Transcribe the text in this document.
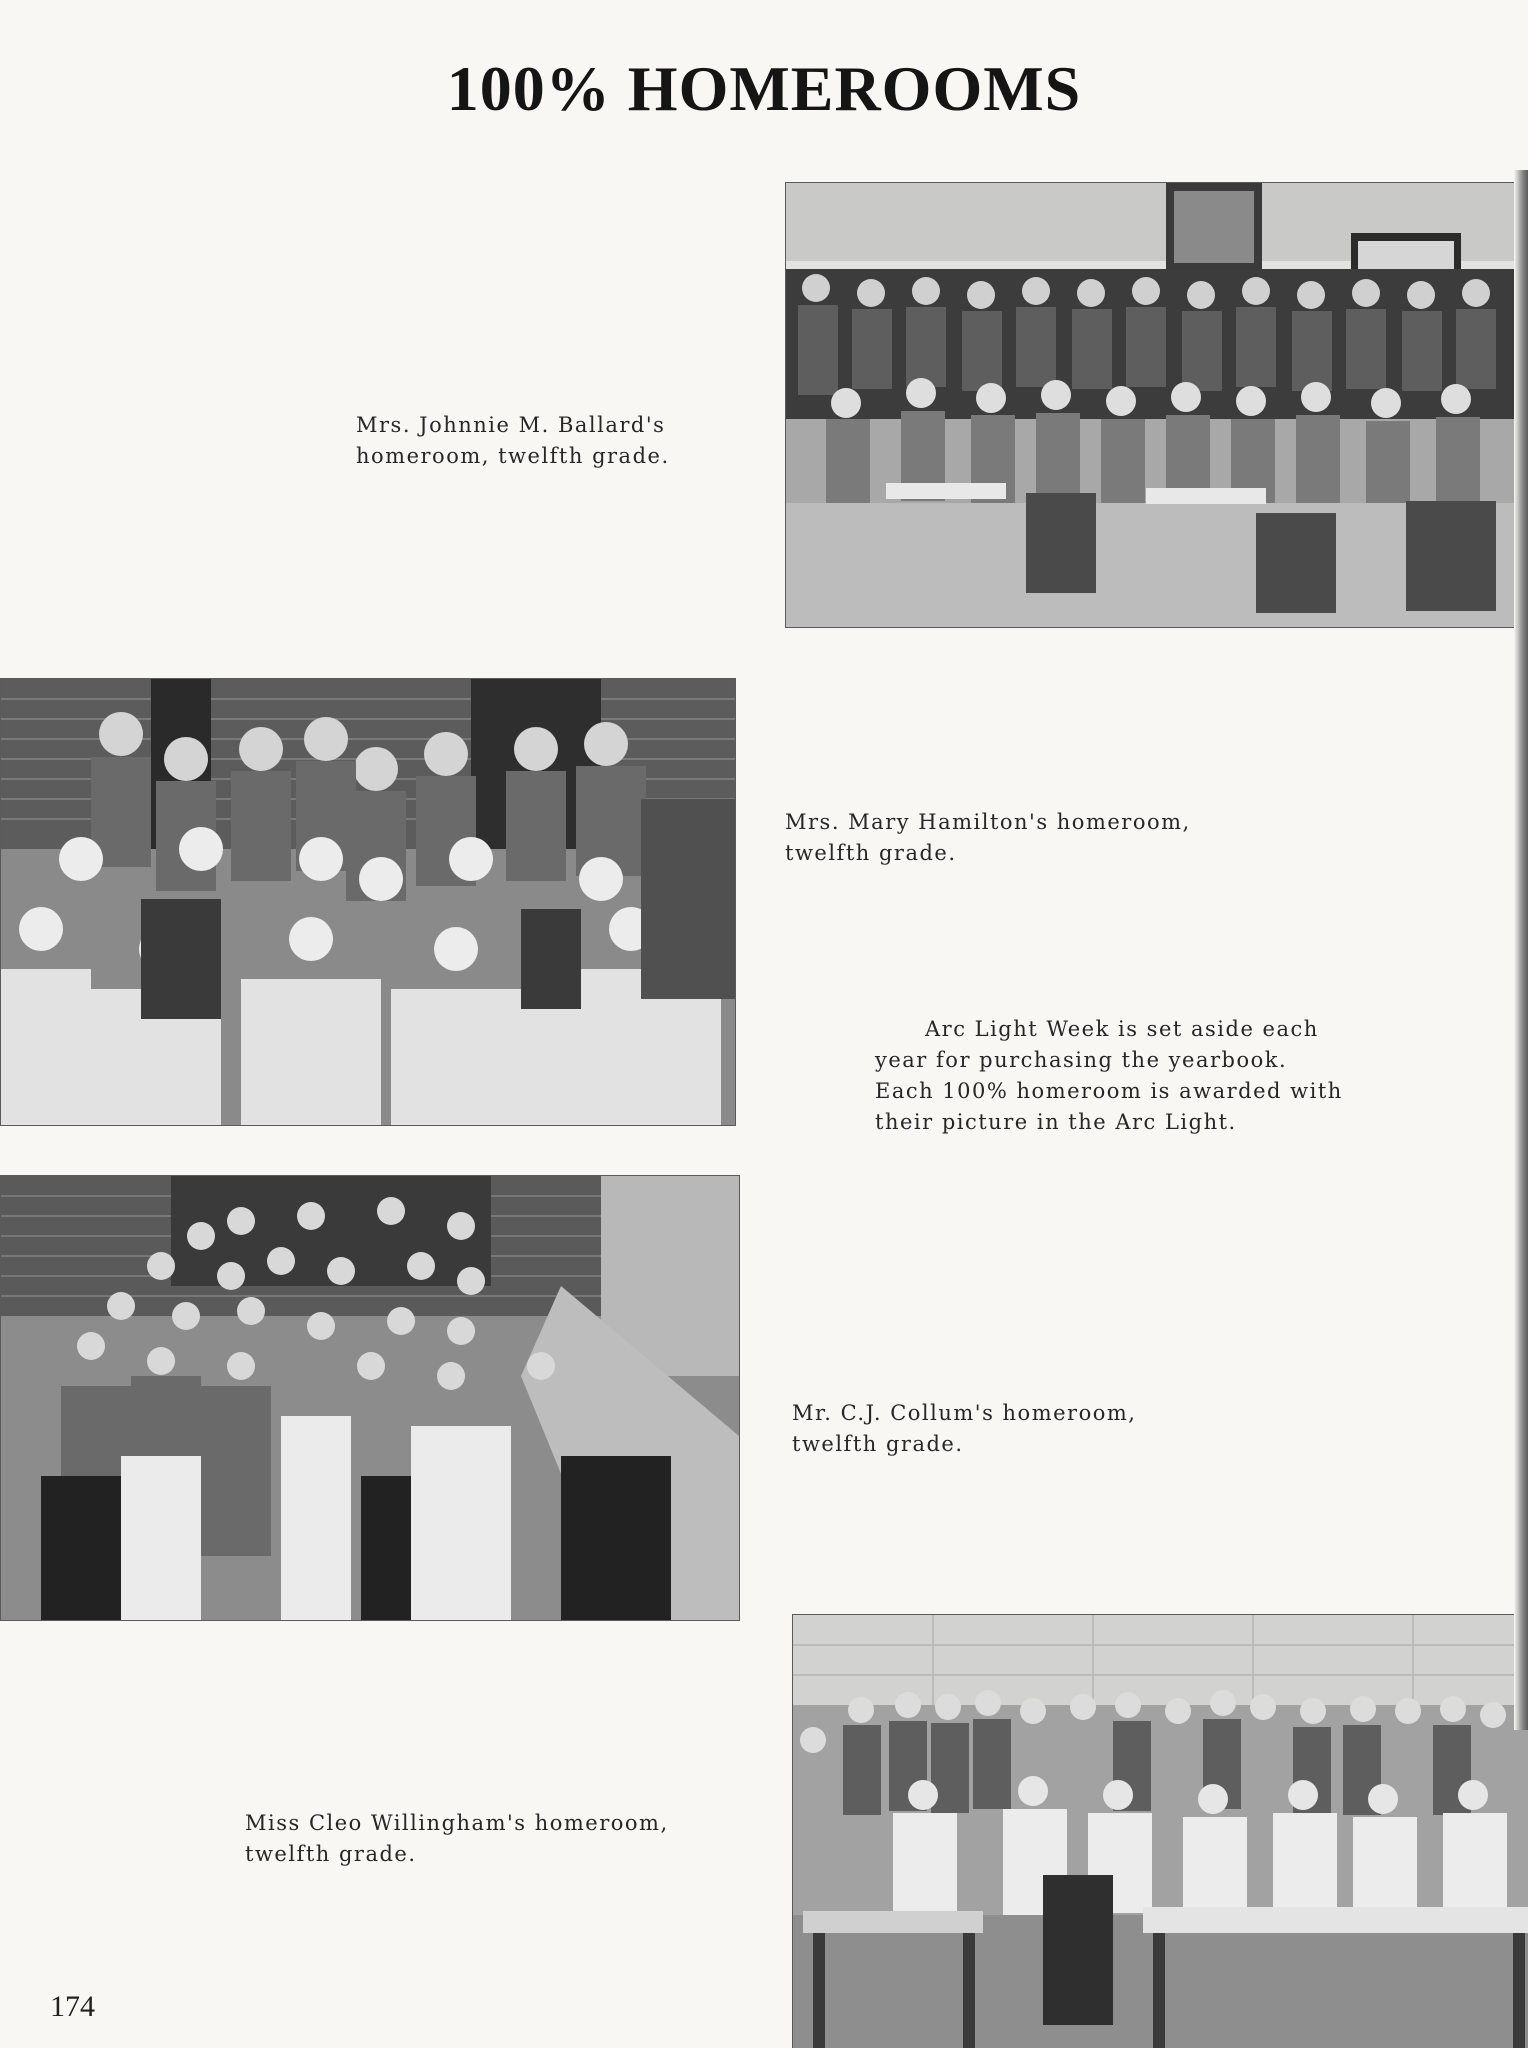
100% HOMEROOMS
Mrs. Johnnie M. Ballard's
homeroom, twelfth grade.
Mrs. Mary Hamilton's homeroom,
twelfth grade.
Arc Light Week is set aside each
year for purchasing the yearbook.
Each 100% homeroom is awarded with
their picture in the Arc Light.
Mr. C.J. Collum's homeroom,
twelfth grade.
Miss Cleo Willingham's homeroom,
twelfth grade.
174
